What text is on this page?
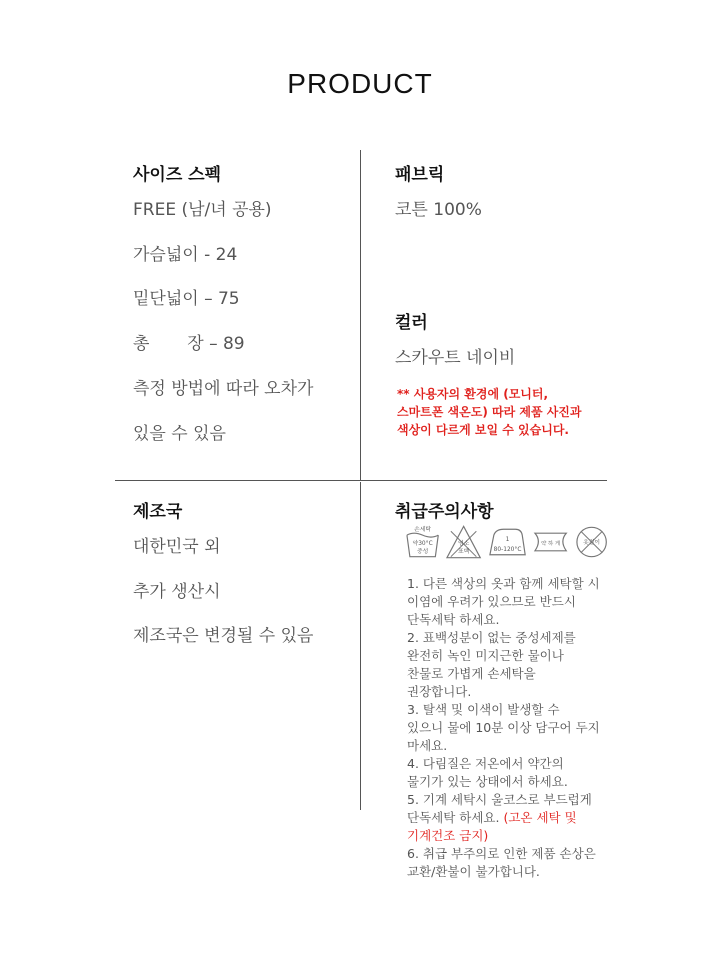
PRODUCT
사이즈 스펙
FREE (남/녀 공용)
가슴넓이 - 24
밑단넓이 – 75
총       장 – 89
측정 방법에 따라 오차가
있을 수 있음
패브릭
코튼 100%
컬러
스카우트 네이비
** 사용자의 환경에 (모니터,
스마트폰 색온도) 따라 제품 사진과
색상이 다르게 보일 수 있습니다.
제조국
대한민국 외
추가 생산시
제조국은 변경될 수 있음
취급주의사항
손세탁
약30°C
중성
염소
표백
1
80-120°C
약 하 게	옷걸이
1. 다른 색상의 옷과 함께 세탁할 시
이염에 우려가 있으므로 반드시
단독세탁 하세요.
2. 표백성분이 없는 중성세제를
완전히 녹인 미지근한 물이나
찬물로 가볍게 손세탁을
권장합니다.
3. 탈색 및 이색이 발생할 수
있으니 물에 10분 이상 담구어 두지
마세요.
4. 다림질은 저온에서 약간의
물기가 있는 상태에서 하세요.
5. 기계 세탁시 울코스로 부드럽게
단독세탁 하세요. (고온 세탁 및
기계건조 금지)
6. 취급 부주의로 인한 제품 손상은
교환/환불이 불가합니다.
